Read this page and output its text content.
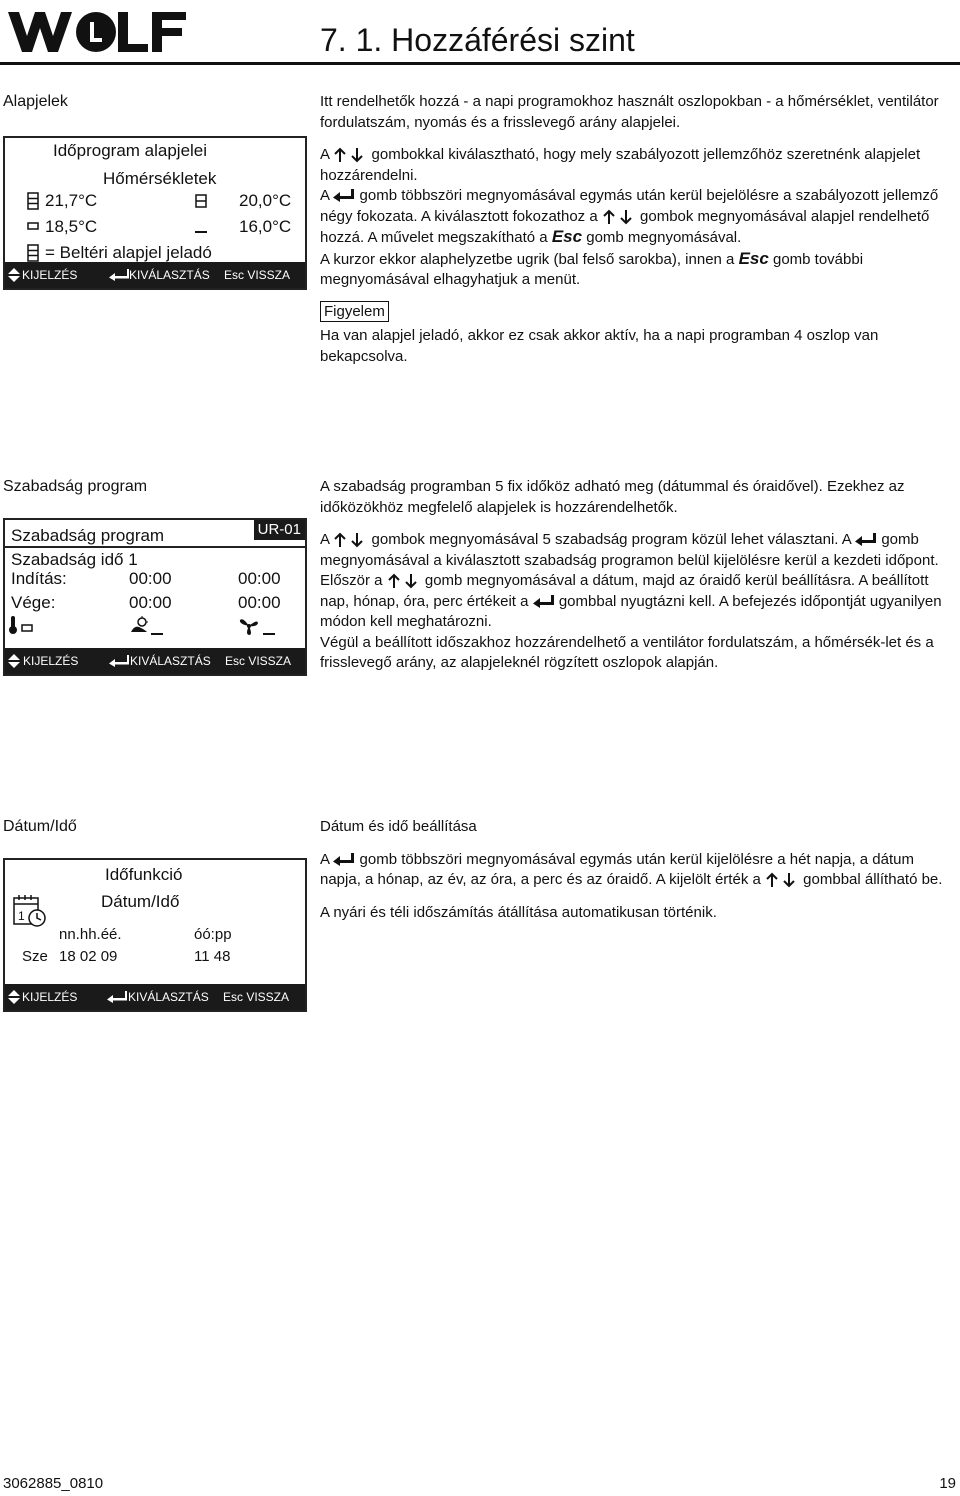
7. 1. Hozzáférési szint
Alapjelek
Időprogram alapjelei
Hőmérsékletek
21,7°C	20,0°C
18,5°C	16,0°C
= Beltéri alapjel jeladó
KIJELZÉS	KIVÁLASZTÁS Esc VISSZA

Itt rendelhetők hozzá - a napi programokhoz használt oszlopokban - a hőmérséklet, ventilátor fordulatszám, nyomás és a frisslevegő arány alapjelei.

A	gombokkal kiválasztható, hogy mely szabályozott jellemzőhöz szeretnénk alapjelet hozzárendelni.

A gomb többszöri megnyomásával egymás után kerül bejelölésre a szabályozott jellemző négy fokozata. A kiválasztott fokozathoz a	gombok megnyomásával alapjel rendelhető hozzá. A művelet megszakítható a Esc gomb megnyomásával.

A kurzor ekkor alaphelyzetbe ugrik (bal felső sarokba), innen a Esc gomb további megnyomásával elhagyhatjuk a menüt.

Figyelem

Ha van alapjel jeladó, akkor ez csak akkor aktív, ha a napi programban 4 oszlop van bekapcsolva.

Szabadság program
Szabadság program	UR-01
Szabadság idő 1
Indítás:	00:00	00:00
Vége:	00:00	00:00
KIJELZÉS	KIVÁLASZTÁS Esc VISSZA

A szabadság programban 5 fix időköz adható meg (dátummal és óraidővel). Ezekhez az időközökhöz megfelelő alapjelek is hozzárendelhetők.

A	gombok megnyomásával 5 szabadság program közül lehet választani. A gomb megnyomásával a kiválasztott szabadság programon belül kijelölésre kerül a kezdeti időpont. Először a	gomb megnyomásával a dátum, majd az óraidő kerül beállításra. A beállított nap, hónap, óra, perc értékeit a gombbal nyugtázni kell. A befejezés időpontját ugyanilyen módon kell meghatározni.

Végül a beállított időszakhoz hozzárendelhető a ventilátor fordulatszám, a hőmérsék-let és a frisslevegő arány, az alapjeleknél rögzített oszlopok alapján.

Dátum/Idő
Időfunkció
Dátum/Idő
1
nn.hh.éé.	óó:pp
Sze 18 02 09	11 48
KIJELZÉS	KIVÁLASZTÁS Esc VISSZA

Dátum és idő beállítása

A gomb többszöri megnyomásával egymás után kerül kijelölésre a hét napja, a dátum napja, a hónap, az év, az óra, a perc és az óraidő. A kijelölt érték a	gombbal állítható be.

A nyári és téli időszámítás átállítása automatikusan történik.

3062885_0810	19
